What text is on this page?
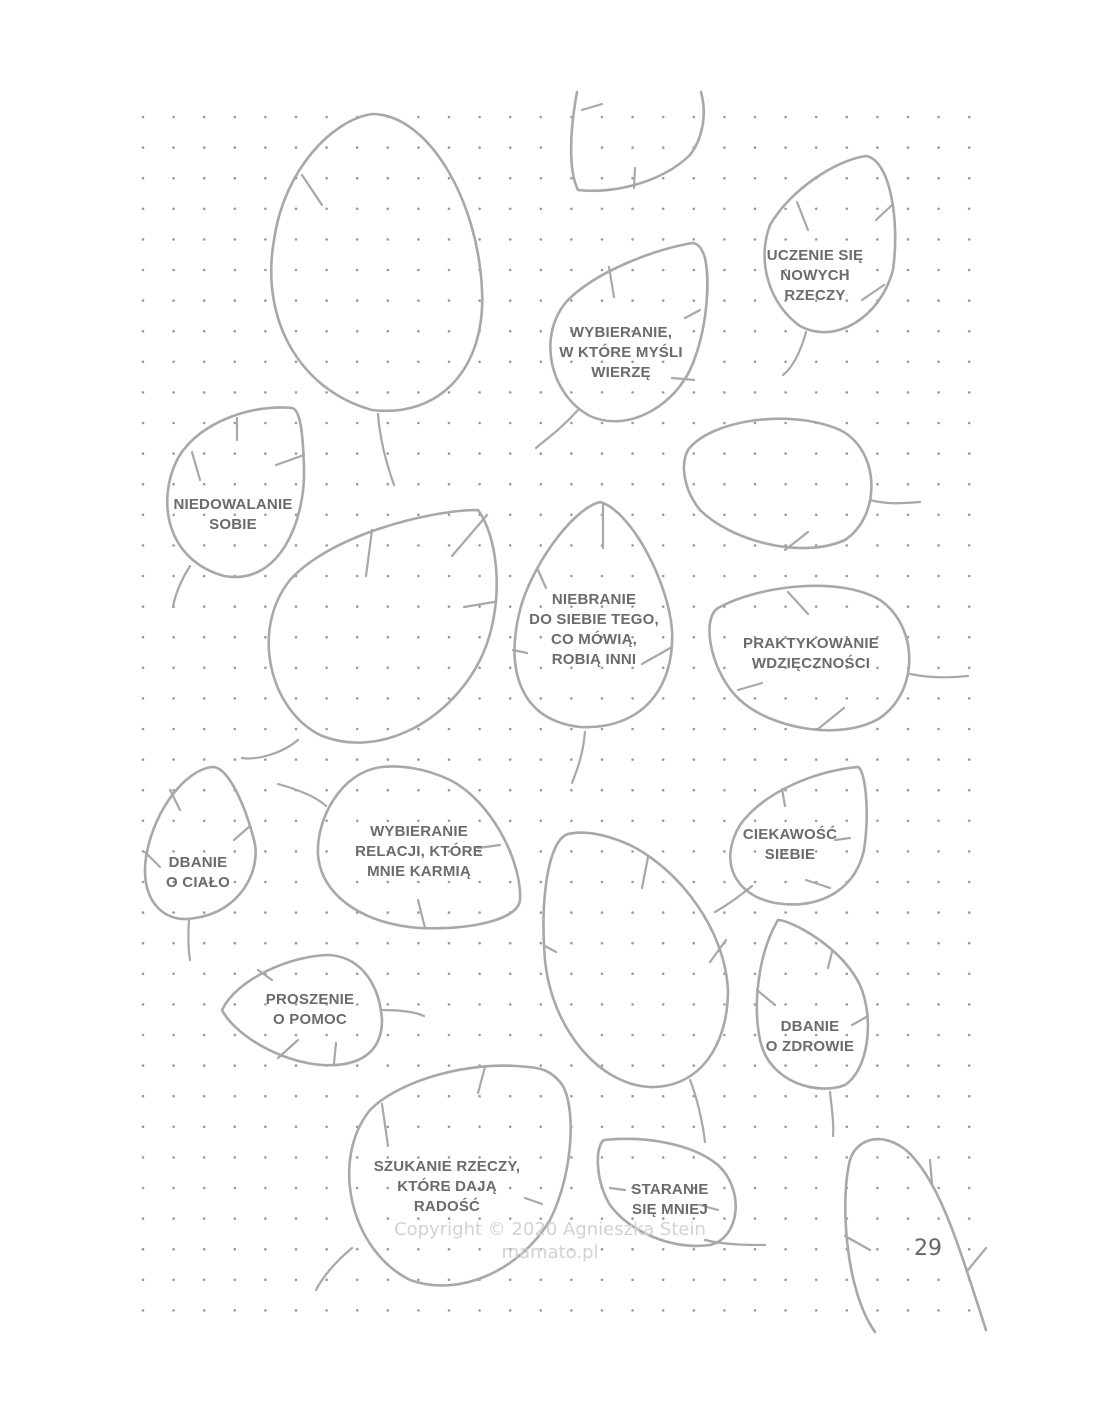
UCZENIE SIĘ
NOWYCH
RZECZY
WYBIERANIE,
W KTÓRE MYŚLI
WIERZĘ
NIEDOWALANIE
SOBIE
NIEBRANIE
DO SIEBIE TEGO,
CO MÓWIĄ,
ROBIĄ INNI
PRAKTYKOWANIE
WDZIĘCZNOŚCI
DBANIE
O CIAŁO
WYBIERANIE
RELACJI, KTÓRE
MNIE KARMIĄ
CIEKAWOŚĆ
SIEBIE
PROSZENIE
O POMOC	DBANIE
O ZDROWIE
SZUKANIE RZECZY,
KTÓRE DAJĄ
RADOŚĆ
STARANIE
SIĘ MNIEJ
Copyright © 2020 Agnieszka Stein
mamato.pl	29
